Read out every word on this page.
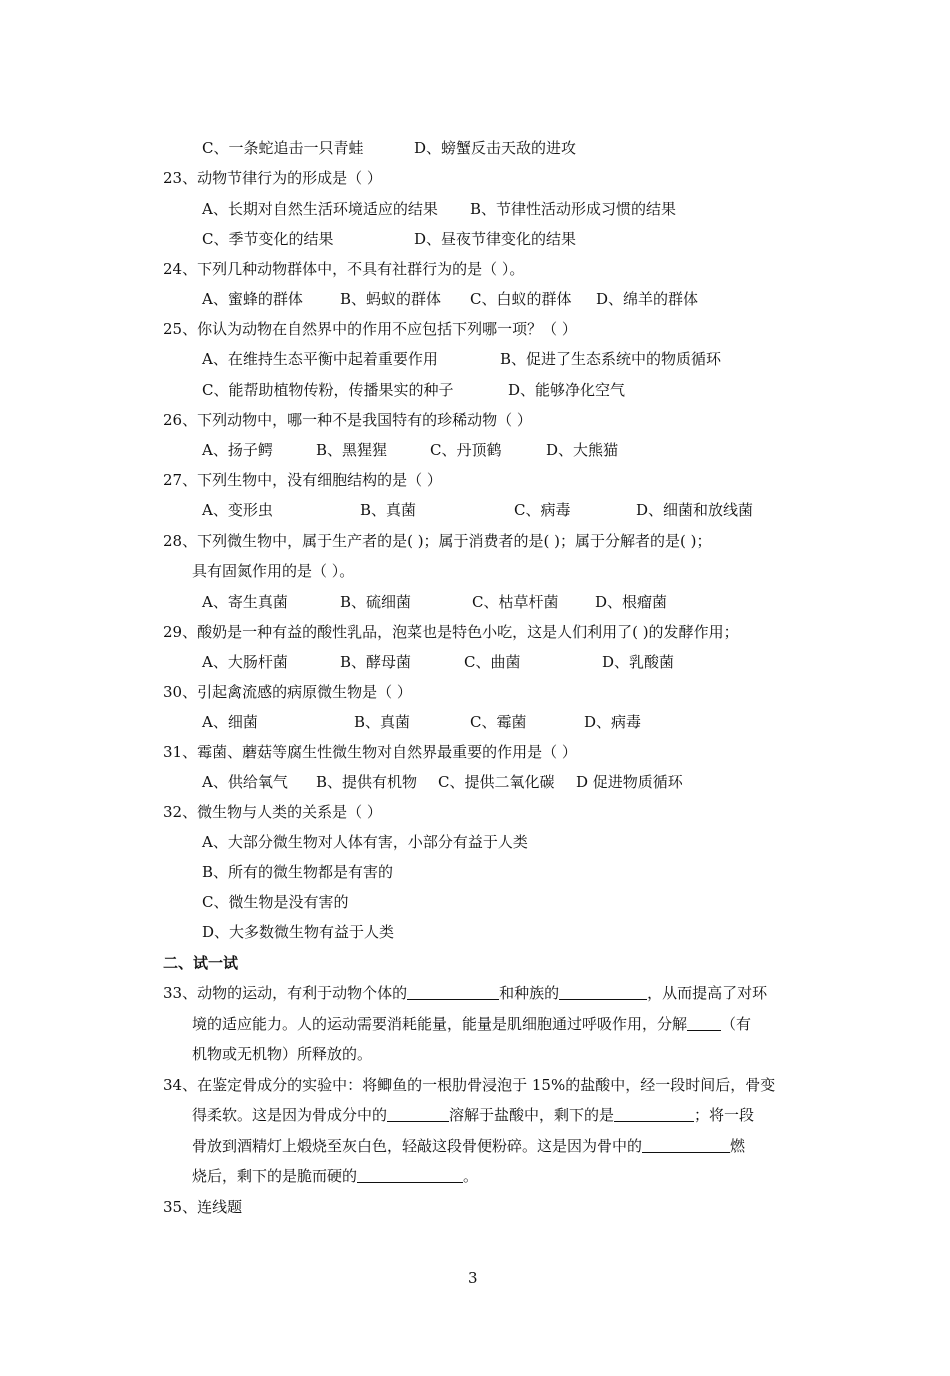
C、一条蛇追击一只青蛙	D、螃蟹反击天敌的进攻
23、动物节律行为的形成是（ ）
A、长期对自然生活环境适应的结果 B、节律性活动形成习惯的结果
C、季节变化的结果	D、昼夜节律变化的结果
24、下列几种动物群体中，不具有社群行为的是（ ）。
A、蜜蜂的群体 B、蚂蚁的群体 C、白蚁的群体 D、绵羊的群体
25、你认为动物在自然界中的作用不应包括下列哪一项？（ ）
A、在维持生态平衡中起着重要作用	B、促进了生态系统中的物质循环
C、能帮助植物传粉，传播果实的种子	D、能够净化空气
26、下列动物中，哪一种不是我国特有的珍稀动物（ ）
A、扬子鳄	B、黑猩猩	C、丹顶鹤	D、大熊猫
27、下列生物中，没有细胞结构的是（ ）
A、变形虫	B、真菌	C、病毒	D、细菌和放线菌
28、下列微生物中，属于生产者的是( )；属于消费者的是( )；属于分解者的是( )；
具有固氮作用的是（ ）。
A、寄生真菌	B、硫细菌	C、枯草杆菌 D、根瘤菌
29、酸奶是一种有益的酸性乳品，泡菜也是特色小吃，这是人们利用了( )的发酵作用；
A、大肠杆菌	B、酵母菌	C、曲菌	D、乳酸菌
30、引起禽流感的病原微生物是（ ）
A、细菌	B、真菌	C、霉菌	D、病毒
31、霉菌、蘑菇等腐生性微生物对自然界最重要的作用是（ ）
A、供给氧气 B、提供有机物 C、提供二氧化碳 D 促进物质循环
32、微生物与人类的关系是（ ）
A、大部分微生物对人体有害，小部分有益于人类
B、所有的微生物都是有害的
C、微生物是没有害的
D、大多数微生物有益于人类
二、试一试
33、动物的运动，有利于动物个体的	和种族的	，从而提高了对环
境的适应能力。人的运动需要消耗能量，能量是肌细胞通过呼吸作用，分解 （有
机物或无机物）所释放的。
34、在鉴定骨成分的实验中：将鲫鱼的一根肋骨浸泡于 15%的盐酸中，经一段时间后，骨变
得柔软。这是因为骨成分中的	溶解于盐酸中，剩下的是	；将一段
骨放到酒精灯上煅烧至灰白色，轻敲这段骨便粉碎。这是因为骨中的	燃
烧后，剩下的是脆而硬的	。
35、连线题
3
